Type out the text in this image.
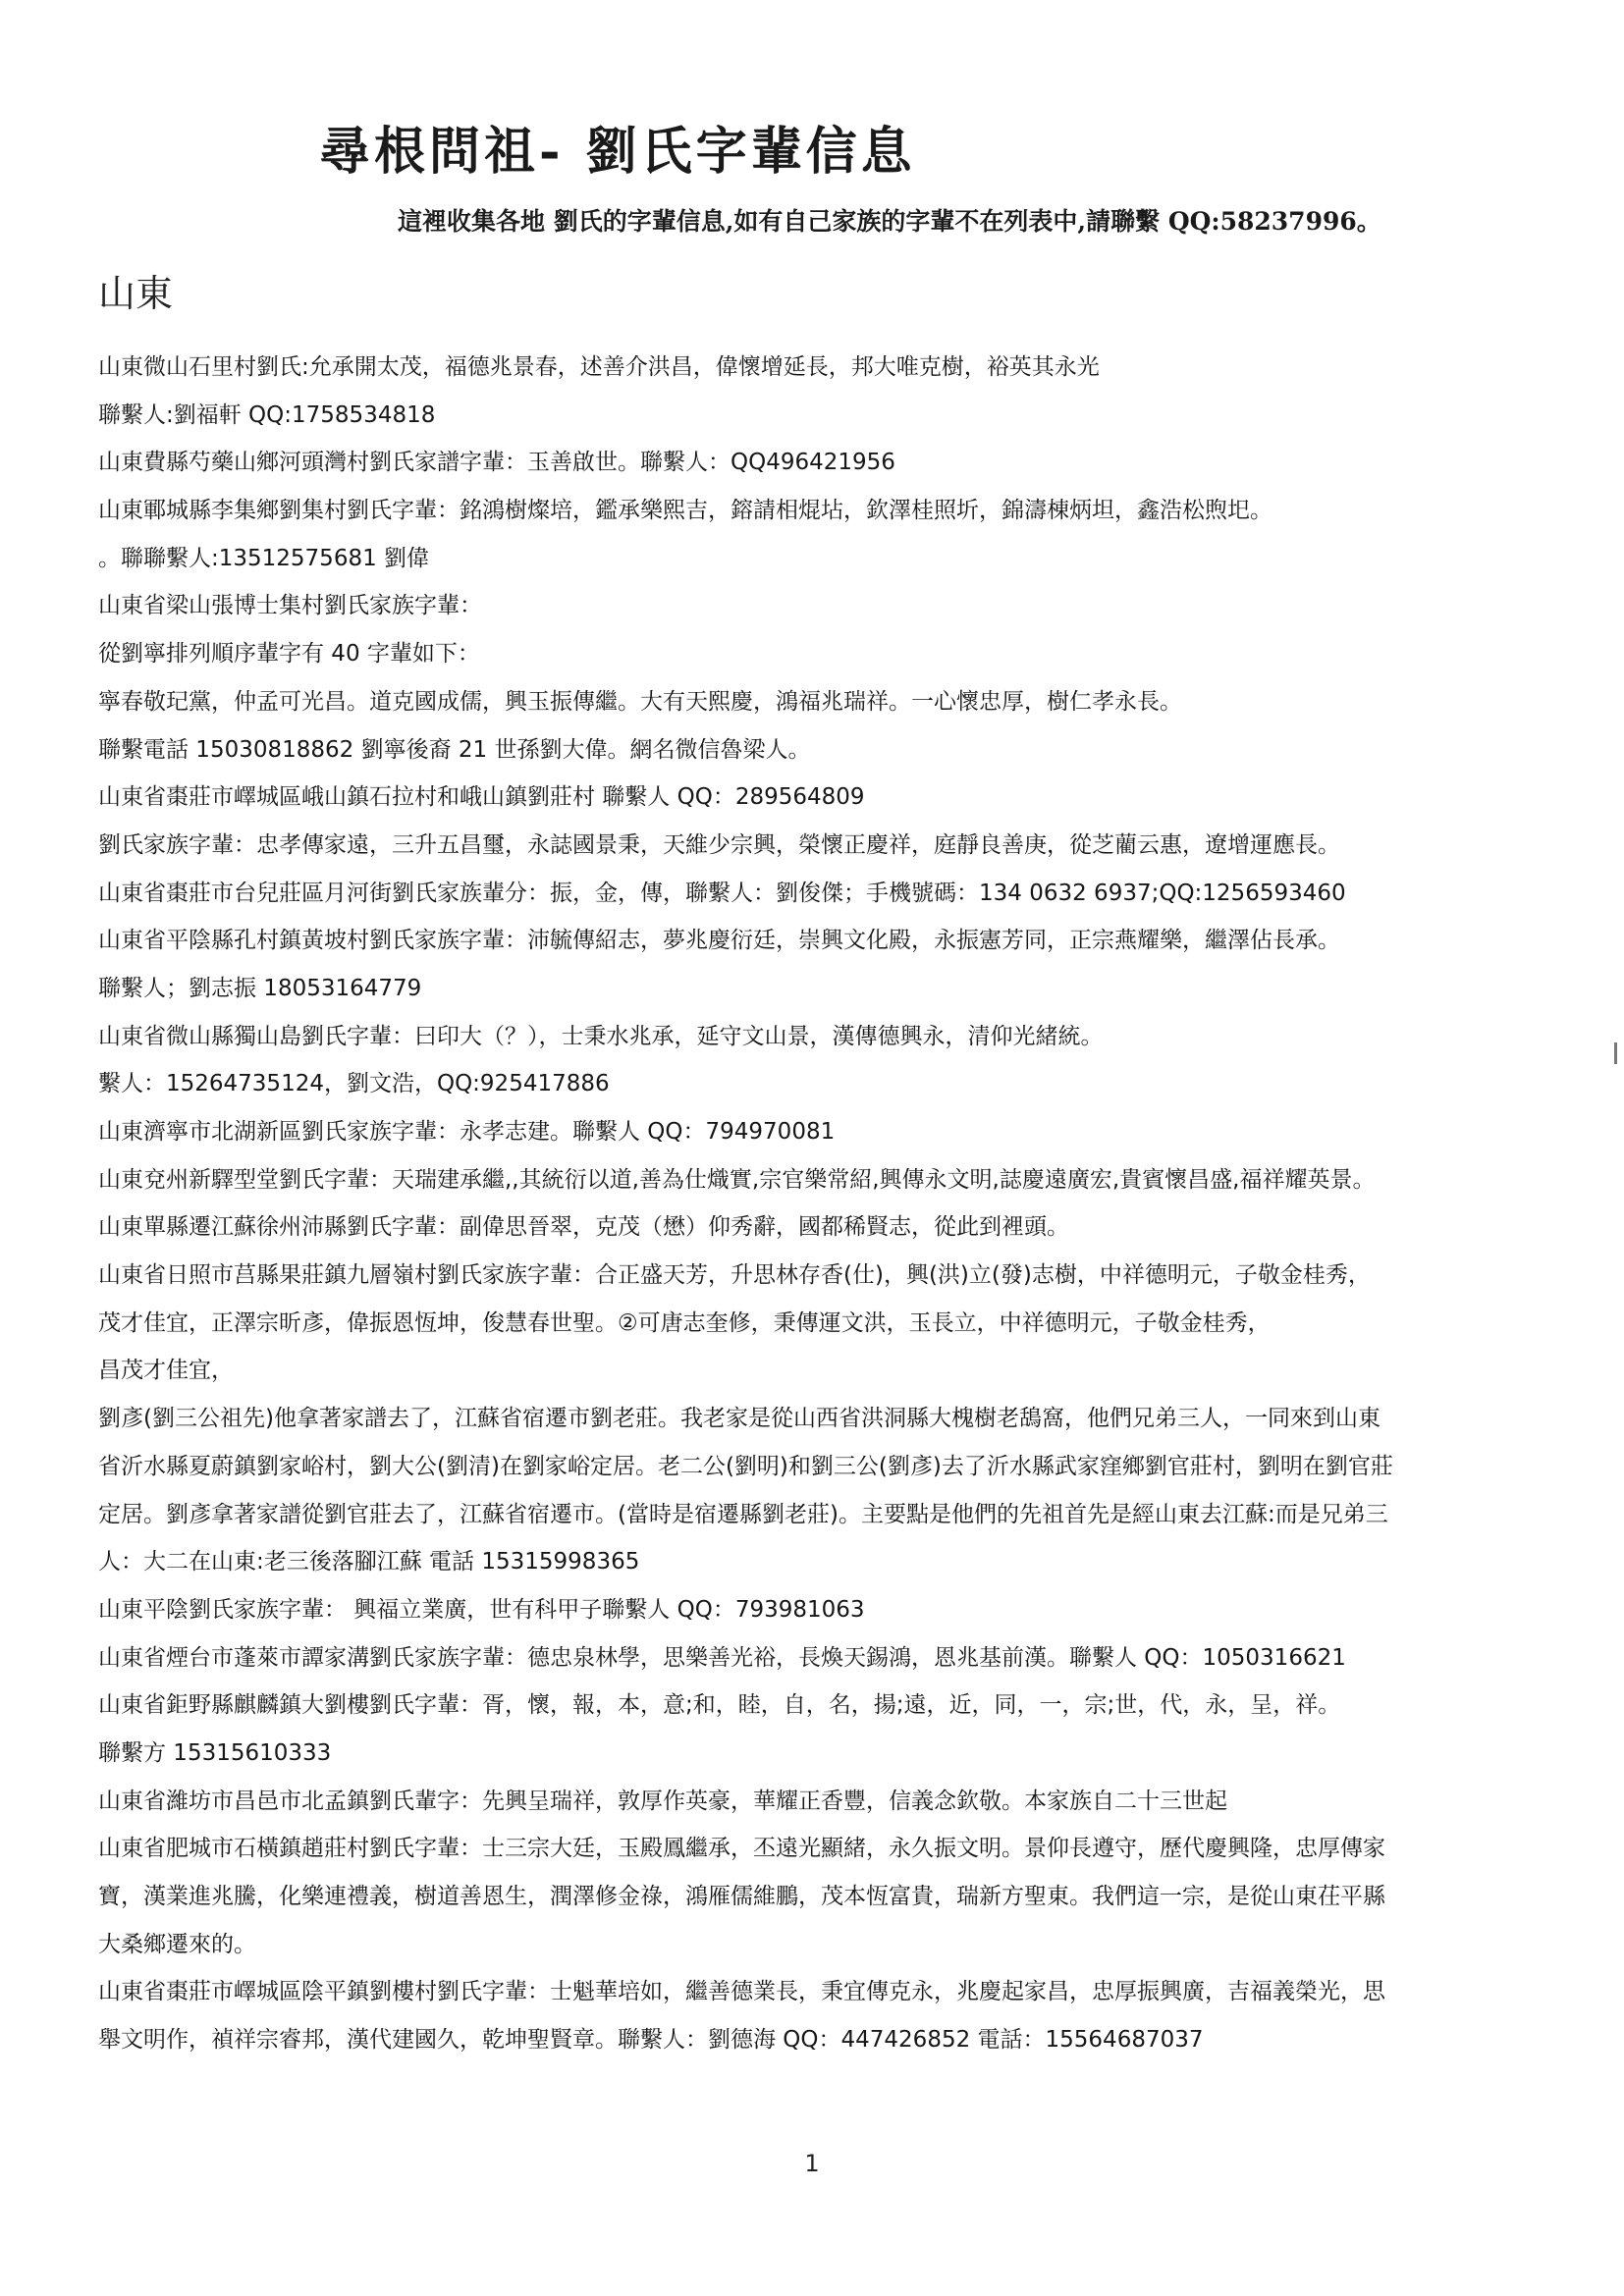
尋根問祖- 劉氏字輩信息
這裡收集各地 劉氏的字輩信息,如有自己家族的字輩不在列表中,請聯繫 QQ:58237996。
山東
山東微山石里村劉氏:允承開太茂，福德兆景春，述善介洪昌，偉懷增延長，邦大唯克樹，裕英其永光
聯繫人:劉福軒 QQ:1758534818
山東費縣芍藥山鄉河頭灣村劉氏家譜字輩：玉善啟世。聯繫人：QQ496421956
山東鄆城縣李集鄉劉集村劉氏字輩：銘鴻樹燦培，鑑承樂熙吉，鎔請相焜坫，欽澤桂照圻，錦濤棟炳坦，鑫浩松煦圯。
。聯聯繫人:13512575681 劉偉
山東省梁山張博士集村劉氏家族字輩：
從劉寧排列順序輩字有 40 字輩如下：
寧春敬玘黨，仲孟可光昌。道克國成儒，興玉振傳繼。大有天熙慶，鴻福兆瑞祥。一心懷忠厚，樹仁孝永長。
聯繫電話 15030818862 劉寧後裔 21 世孫劉大偉。網名微信魯梁人。
山東省棗莊市嶧城區峨山鎮石拉村和峨山鎮劉莊村 聯繫人 QQ：289564809
劉氏家族字輩：忠孝傳家遠，三升五昌璽，永誌國景秉，天維少宗興，榮懷正慶祥，庭靜良善庚，從芝藺云惠，遼增運應長。
山東省棗莊市台兒莊區月河街劉氏家族輩分：振，金，傳，聯繫人：劉俊傑；手機號碼：134 0632 6937;QQ:1256593460
山東省平陰縣孔村鎮黃坡村劉氏家族字輩：沛毓傳紹志，夢兆慶衍廷，崇興文化殿，永振憲芳同，正宗燕耀樂，繼澤佔長承。
聯繫人；劉志振 18053164779
山東省微山縣獨山島劉氏字輩：曰印大（？），士秉水兆承，延守文山景，漢傳德興永，清仰光緒統。
繫人：15264735124，劉文浩，QQ:925417886
山東濟寧市北湖新區劉氏家族字輩：永孝志建。聯繫人 QQ：794970081
山東兗州新驛型堂劉氏字輩：天瑞建承繼,,其統衍以道,善為仕熾實,宗官樂常紹,興傳永文明,誌慶遠廣宏,貴賓懷昌盛,福祥耀英景。
山東單縣遷江蘇徐州沛縣劉氏字輩：副偉思晉翠，克茂（懋）仰秀辭，國都稀賢志，從此到裡頭。
山東省日照市莒縣果莊鎮九層嶺村劉氏家族字輩：合正盛天芳，升思林存香(仕)，興(洪)立(發)志樹，中祥德明元，子敬金桂秀，
茂才佳宜，正澤宗昕彥，偉振恩恆坤，俊慧春世聖。②可唐志奎修，秉傳運文洪，玉長立，中祥德明元，子敬金桂秀，
昌茂才佳宜，
劉彥(劉三公祖先)他拿著家譜去了，江蘇省宿遷市劉老莊。我老家是從山西省洪洞縣大槐樹老鴰窩，他們兄弟三人，一同來到山東
省沂水縣夏蔚鎮劉家峪村，劉大公(劉清)在劉家峪定居。老二公(劉明)和劉三公(劉彥)去了沂水縣武家窪鄉劉官莊村，劉明在劉官莊
定居。劉彥拿著家譜從劉官莊去了，江蘇省宿遷市。(當時是宿遷縣劉老莊)。主要點是他們的先祖首先是經山東去江蘇:而是兄弟三
人：大二在山東:老三後落腳江蘇 電話 15315998365
山東平陰劉氏家族字輩： 興福立業廣，世有科甲子聯繫人 QQ：793981063
山東省煙台市蓬萊市譚家溝劉氏家族字輩：德忠泉林學，思樂善光裕，長煥天錫鴻，恩兆基前漢。聯繫人 QQ：1050316621
山東省鉅野縣麒麟鎮大劉樓劉氏字輩：胥，懷，報，本，意;和，睦，自，名，揚;遠，近，同，一，宗;世，代，永，呈，祥。
聯繫方 15315610333
山東省濰坊市昌邑市北孟鎮劉氏輩字：先興呈瑞祥，敦厚作英豪，華耀正香豐，信義念欽敬。本家族自二十三世起
山東省肥城市石橫鎮趙莊村劉氏字輩：士三宗大廷，玉殿鳳繼承，丕遠光顯緒，永久振文明。景仰長遵守，歷代慶興隆，忠厚傳家
寶，漢業進兆騰，化樂連禮義，樹道善恩生，潤澤修金祿，鴻雁儒維鵬，茂本恆富貴，瑞新方聖東。我們這一宗，是從山東茌平縣
大桑鄉遷來的。
山東省棗莊市嶧城區陰平鎮劉樓村劉氏字輩：士魁華培如，繼善德業長，秉宜傳克永，兆慶起家昌，忠厚振興廣，吉福義榮光，思
舉文明作，禎祥宗睿邦，漢代建國久，乾坤聖賢章。聯繫人：劉德海 QQ：447426852 電話：15564687037
1
